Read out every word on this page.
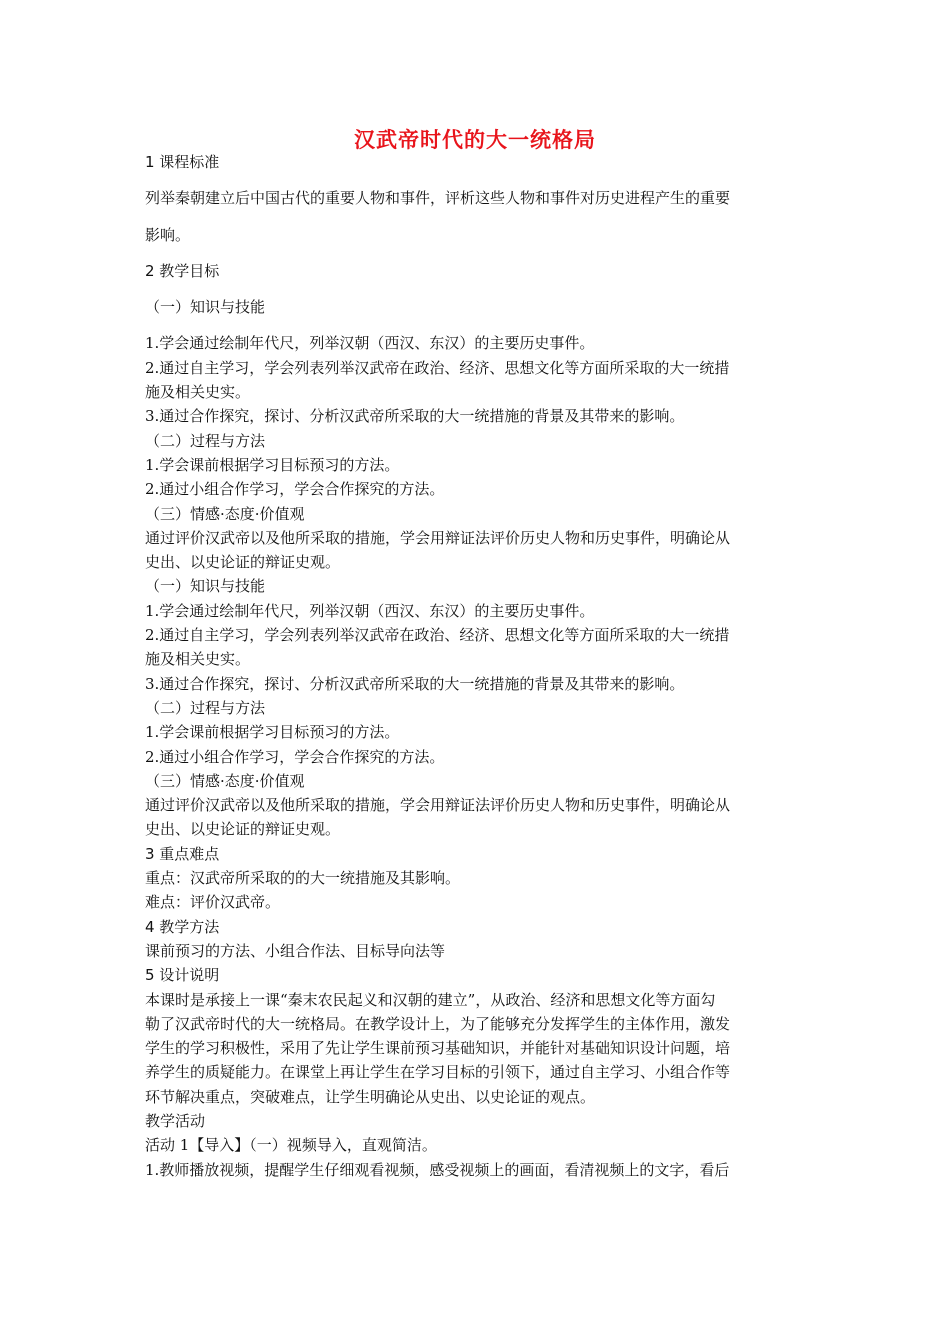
汉武帝时代的大一统格局
1 课程标准
列举秦朝建立后中国古代的重要人物和事件，评析这些人物和事件对历史进程产生的重要
影响。
2 教学目标
（一）知识与技能
1.学会通过绘制年代尺，列举汉朝（西汉、东汉）的主要历史事件。
2.通过自主学习，学会列表列举汉武帝在政治、经济、思想文化等方面所采取的大一统措
施及相关史实。
3.通过合作探究，探讨、分析汉武帝所采取的大一统措施的背景及其带来的影响。
（二）过程与方法
1.学会课前根据学习目标预习的方法。
2.通过小组合作学习，学会合作探究的方法。
（三）情感·态度·价值观
通过评价汉武帝以及他所采取的措施，学会用辩证法评价历史人物和历史事件，明确论从
史出、以史论证的辩证史观。
（一）知识与技能
1.学会通过绘制年代尺，列举汉朝（西汉、东汉）的主要历史事件。
2.通过自主学习，学会列表列举汉武帝在政治、经济、思想文化等方面所采取的大一统措
施及相关史实。
3.通过合作探究，探讨、分析汉武帝所采取的大一统措施的背景及其带来的影响。
（二）过程与方法
1.学会课前根据学习目标预习的方法。
2.通过小组合作学习，学会合作探究的方法。
（三）情感·态度·价值观
通过评价汉武帝以及他所采取的措施，学会用辩证法评价历史人物和历史事件，明确论从
史出、以史论证的辩证史观。
3 重点难点
重点：汉武帝所采取的的大一统措施及其影响。
难点：评价汉武帝。
4 教学方法
课前预习的方法、小组合作法、目标导向法等
5 设计说明
本课时是承接上一课“秦末农民起义和汉朝的建立”，从政治、经济和思想文化等方面勾
勒了汉武帝时代的大一统格局。在教学设计上，为了能够充分发挥学生的主体作用，激发
学生的学习积极性，采用了先让学生课前预习基础知识，并能针对基础知识设计问题，培
养学生的质疑能力。在课堂上再让学生在学习目标的引领下，通过自主学习、小组合作等
环节解决重点，突破难点，让学生明确论从史出、以史论证的观点。
教学活动
活动 1【导入】（一）视频导入，直观简洁。
1.教师播放视频，提醒学生仔细观看视频，感受视频上的画面，看清视频上的文字，看后
